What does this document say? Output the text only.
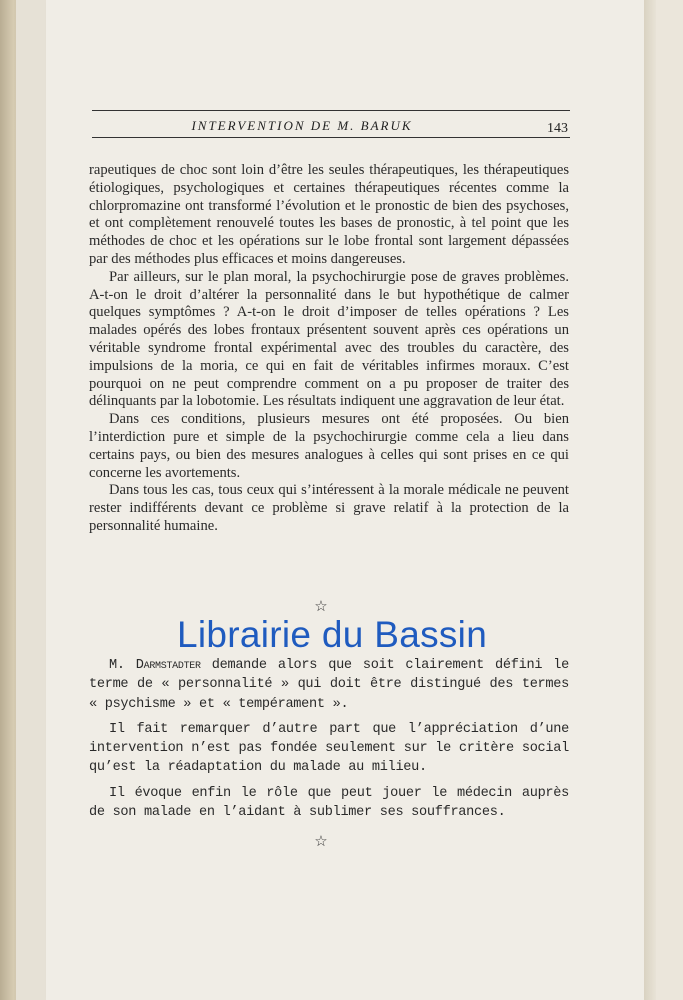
INTERVENTION DE M. BARUK	143

rapeutiques de choc sont loin d’être les seules thérapeutiques, les thérapeutiques étiologiques, psychologiques et certaines thérapeutiques récentes comme la chlorpromazine ont transformé l’évolution et le pronostic de bien des psychoses, et ont complètement renouvelé toutes les bases de pronostic, à tel point que les méthodes de choc et les opérations sur le lobe frontal sont largement dépassées par des méthodes plus efficaces et moins dangereuses.

Par ailleurs, sur le plan moral, la psychochirurgie pose de graves problèmes. A-t-on le droit d’altérer la personnalité dans le but hypothétique de calmer quelques symptômes ? A-t-on le droit d’imposer de telles opérations ? Les malades opérés des lobes frontaux présentent souvent après ces opérations un véritable syndrome frontal expérimental avec des troubles du caractère, des impulsions de la moria, ce qui en fait de véritables infirmes moraux. C’est pourquoi on ne peut comprendre comment on a pu proposer de traiter des délinquants par la lobotomie. Les résultats indiquent une aggravation de leur état.

Dans ces conditions, plusieurs mesures ont été proposées. Ou bien l’interdiction pure et simple de la psychochirurgie comme cela a lieu dans certains pays, ou bien des mesures analogues à celles qui sont prises en ce qui concerne les avortements.

Dans tous les cas, tous ceux qui s’intéressent à la morale médicale ne peuvent rester indifférents devant ce problème si grave relatif à la protection de la personnalité humaine.

☆
Librairie du Bassin

M. Darmstadter demande alors que soit clairement défini le terme de « personnalité » qui doit être distingué des termes « psychisme » et « tempérament ».

Il fait remarquer d’autre part que l’appréciation d’une intervention n’est pas fondée seulement sur le critère social qu’est la réadaptation du malade au milieu.

Il évoque enfin le rôle que peut jouer le médecin auprès de son malade en l’aidant à sublimer ses souffrances.

☆
